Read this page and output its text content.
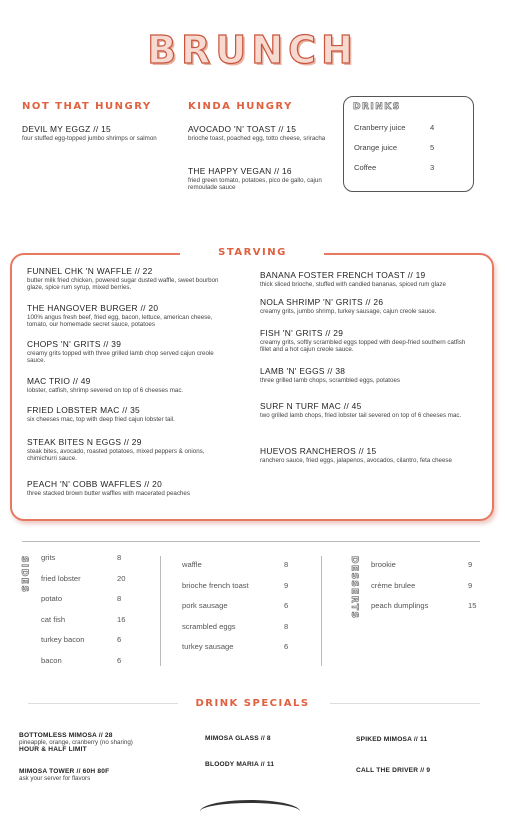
BRUNCH
NOT THAT HUNGRY
DEVIL MY EGGZ // 15
four stuffed egg-topped jumbo shrimps or salmon
KINDA HUNGRY
AVOCADO 'N' TOAST // 15
brioche toast, poached egg, totto cheese, sriracha
THE HAPPY VEGAN // 16
fried green tomato, potatoes, pico de gallo, cajun remoulade sauce
DRINKS
Cranberry juice	4
Orange juice	5
Coffee	3
STARVING
FUNNEL CHK 'N WAFFLE // 22
butter milk fried chicken, powered sugar dusted waffle, sweet bourbon glaze, spice rum syrup, mixed berries.
THE HANGOVER BURGER // 20
100% angus fresh beef, fried egg, bacon, lettuce, american cheese, tomato, our homemade secret sauce, potatoes
CHOPS 'N' GRITS // 39
creamy grits topped with three grilled lamb chop served cajun creole sauce.
MAC TRIO // 49
lobster, catfish, shrimp severed on top of 6 cheeses mac.
FRIED LOBSTER MAC // 35
six cheeses mac, top with deep fried cajun lobster tail.
STEAK BITES N EGGS // 29
steak bites, avocado, roasted potatoes, mixed peppers & onions, chimichurri sauce.
PEACH 'N' COBB WAFFLES // 20
three stacked brown butter waffles with macerated peaches
BANANA FOSTER FRENCH TOAST // 19
thick sliced brioche, stuffed with candied bananas, spiced rum glaze
NOLA SHRIMP 'N' GRITS // 26
creamy grits, jumbo shrimp, turkey sausage, cajun creole sauce.
FISH 'N' GRITS // 29
creamy grits, softly scrambled eggs topped with deep-fried southern catfish fillet and a hot cajun creole sauce.
LAMB 'N' EGGS // 38
three grilled lamb chops, scrambled eggs, potatoes
SURF N TURF MAC // 45
two grilled lamb chops, fried lobster tail severed on top of 6 cheeses mac.
HUEVOS RANCHEROS // 15
ranchero sauce, fried eggs, jalapenos, avocados, cilantro, feta cheese
SIDES grits	8
fried lobster	20
potato	8
cat fish	16
turkey bacon	6
bacon	6
waffle	8
brioche french toast	9
pork sausage	6
scrambled eggs	8
turkey sausage	6
DESSERTS brookie	9
crème brulee	9
peach dumplings	15
DRINK SPECIALS
BOTTOMLESS MIMOSA // 28
pineapple, orange, cranberry (no sharing)
HOUR & HALF LIMIT
MIMOSA TOWER // 60H 80F
ask your server for flavors
MIMOSA GLASS // 8
BLOODY MARIA // 11
SPIKED MIMOSA // 11
CALL THE DRIVER // 9
